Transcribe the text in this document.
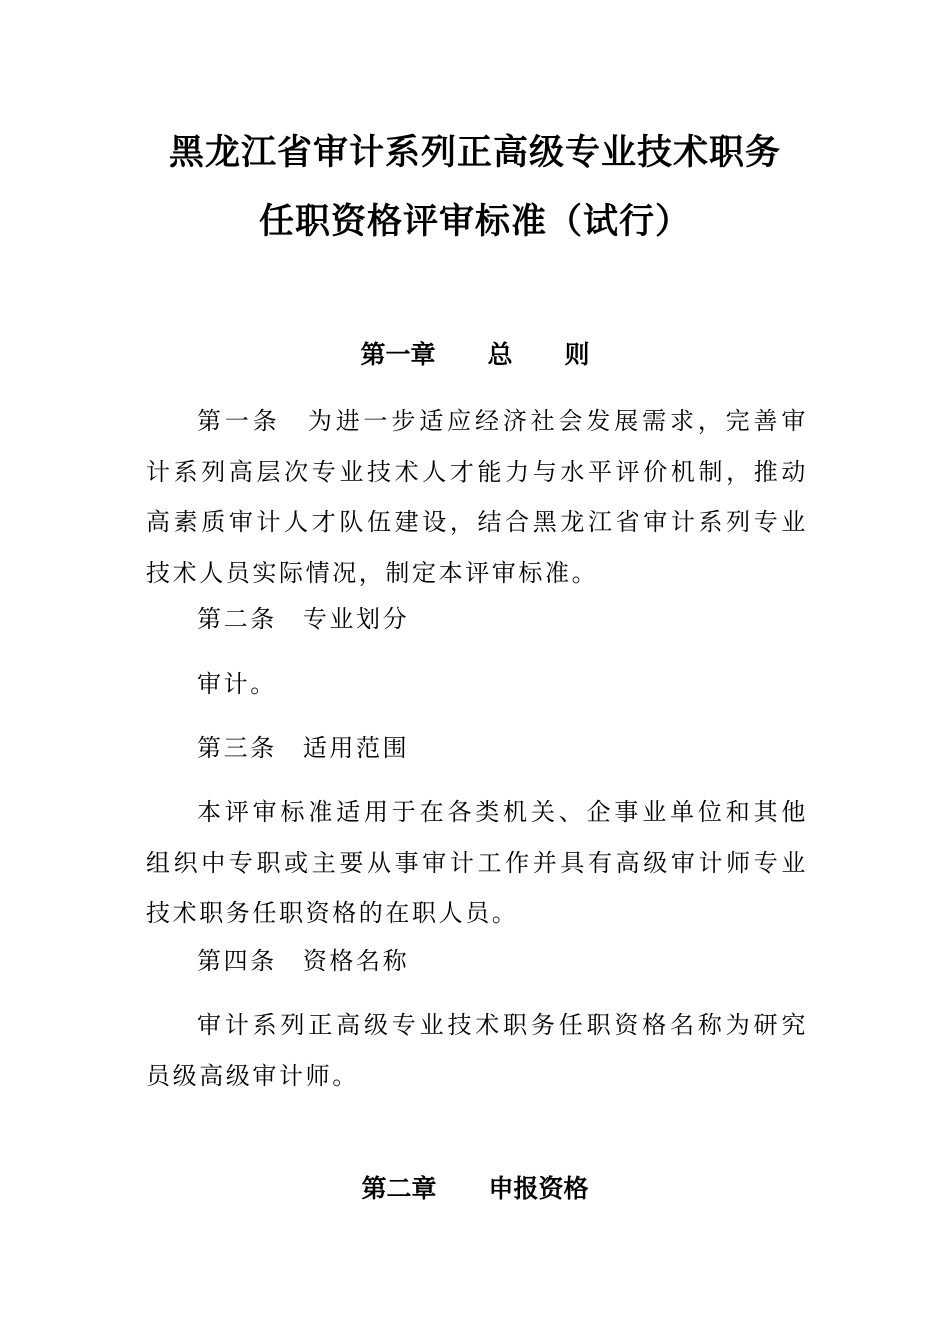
黑龙江省审计系列正高级专业技术职务
任职资格评审标准（试行）
第一章 总 则

第一条 为进一步适应经济社会发展需求，完善审计系列高层次专业技术人才能力与水平评价机制，推动高素质审计人才队伍建设，结合黑龙江省审计系列专业技术人员实际情况，制定本评审标准。

第二条 专业划分
审计。
第三条 适用范围

本评审标准适用于在各类机关、企事业单位和其他组织中专职或主要从事审计工作并具有高级审计师专业技术职务任职资格的在职人员。

第四条 资格名称

审计系列正高级专业技术职务任职资格名称为研究员级高级审计师。

第二章 申报资格
